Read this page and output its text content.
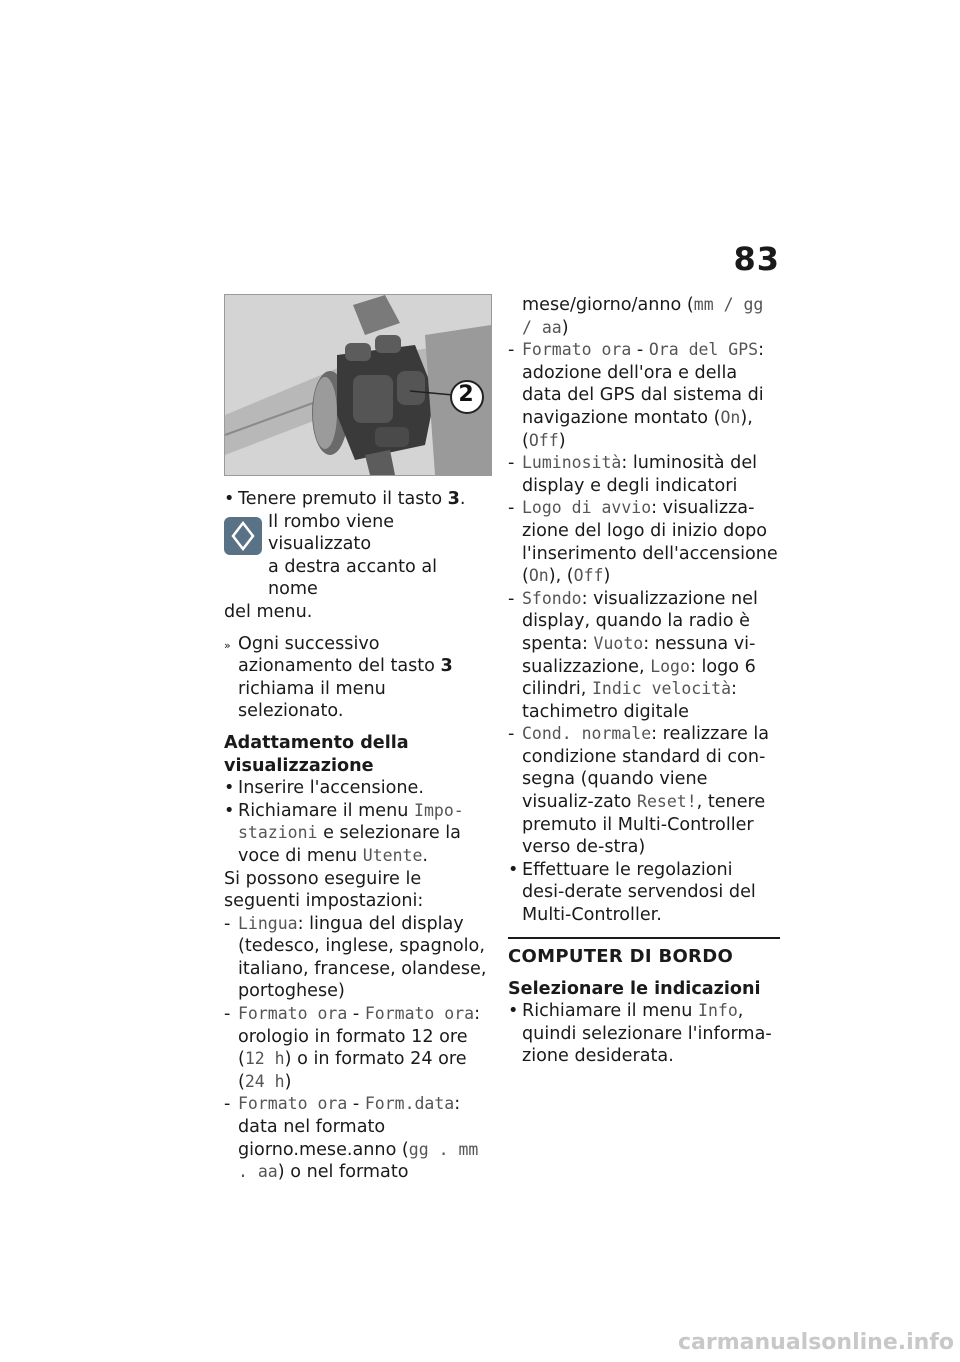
83
2
• Tenere premuto il tasto 3.
Il rombo viene visualizzato
a destra accanto al nome
del menu.
» Ogni successivo azionamento del tasto 3 richiama il menu selezionato.
Adattamento della visualizzazione
• Inserire l'accensione.
• Richiamare il menu Impo-stazioni e selezionare la voce di menu Utente.

Si possono eseguire le seguenti impostazioni:

- Lingua: lingua del display (tedesco, inglese, spagnolo, italiano, francese, olandese, portoghese)
- Formato ora - Formato ora: orologio in formato 12 ore (12 h) o in formato 24 ore (24 h)
- Formato ora - Form.data: data nel formato giorno.mese.anno (gg . mm . aa) o nel formato
mese/giorno/anno (mm / gg / aa)
- Formato ora - Ora del GPS: adozione dell'ora e della data del GPS dal sistema di navigazione montato (On), (Off)
- Luminosità: luminosità del display e degli indicatori
- Logo di avvio: visualizza-zione del logo di inizio dopo l'inserimento dell'accensione (On), (Off)
- Sfondo: visualizzazione nel display, quando la radio è spenta: Vuoto: nessuna vi-sualizzazione, Logo: logo 6 cilindri, Indic velocità: tachimetro digitale
- Cond. normale: realizzare la condizione standard di con-segna (quando viene visualiz-zato Reset!, tenere premuto il Multi-Controller verso de-stra)
• Effettuare le regolazioni desi-derate servendosi del Multi-Controller.
COMPUTER DI BORDO
Selezionare le indicazioni
• Richiamare il menu Info, quindi selezionare l'informa-zione desiderata.
carmanualsonline.info
